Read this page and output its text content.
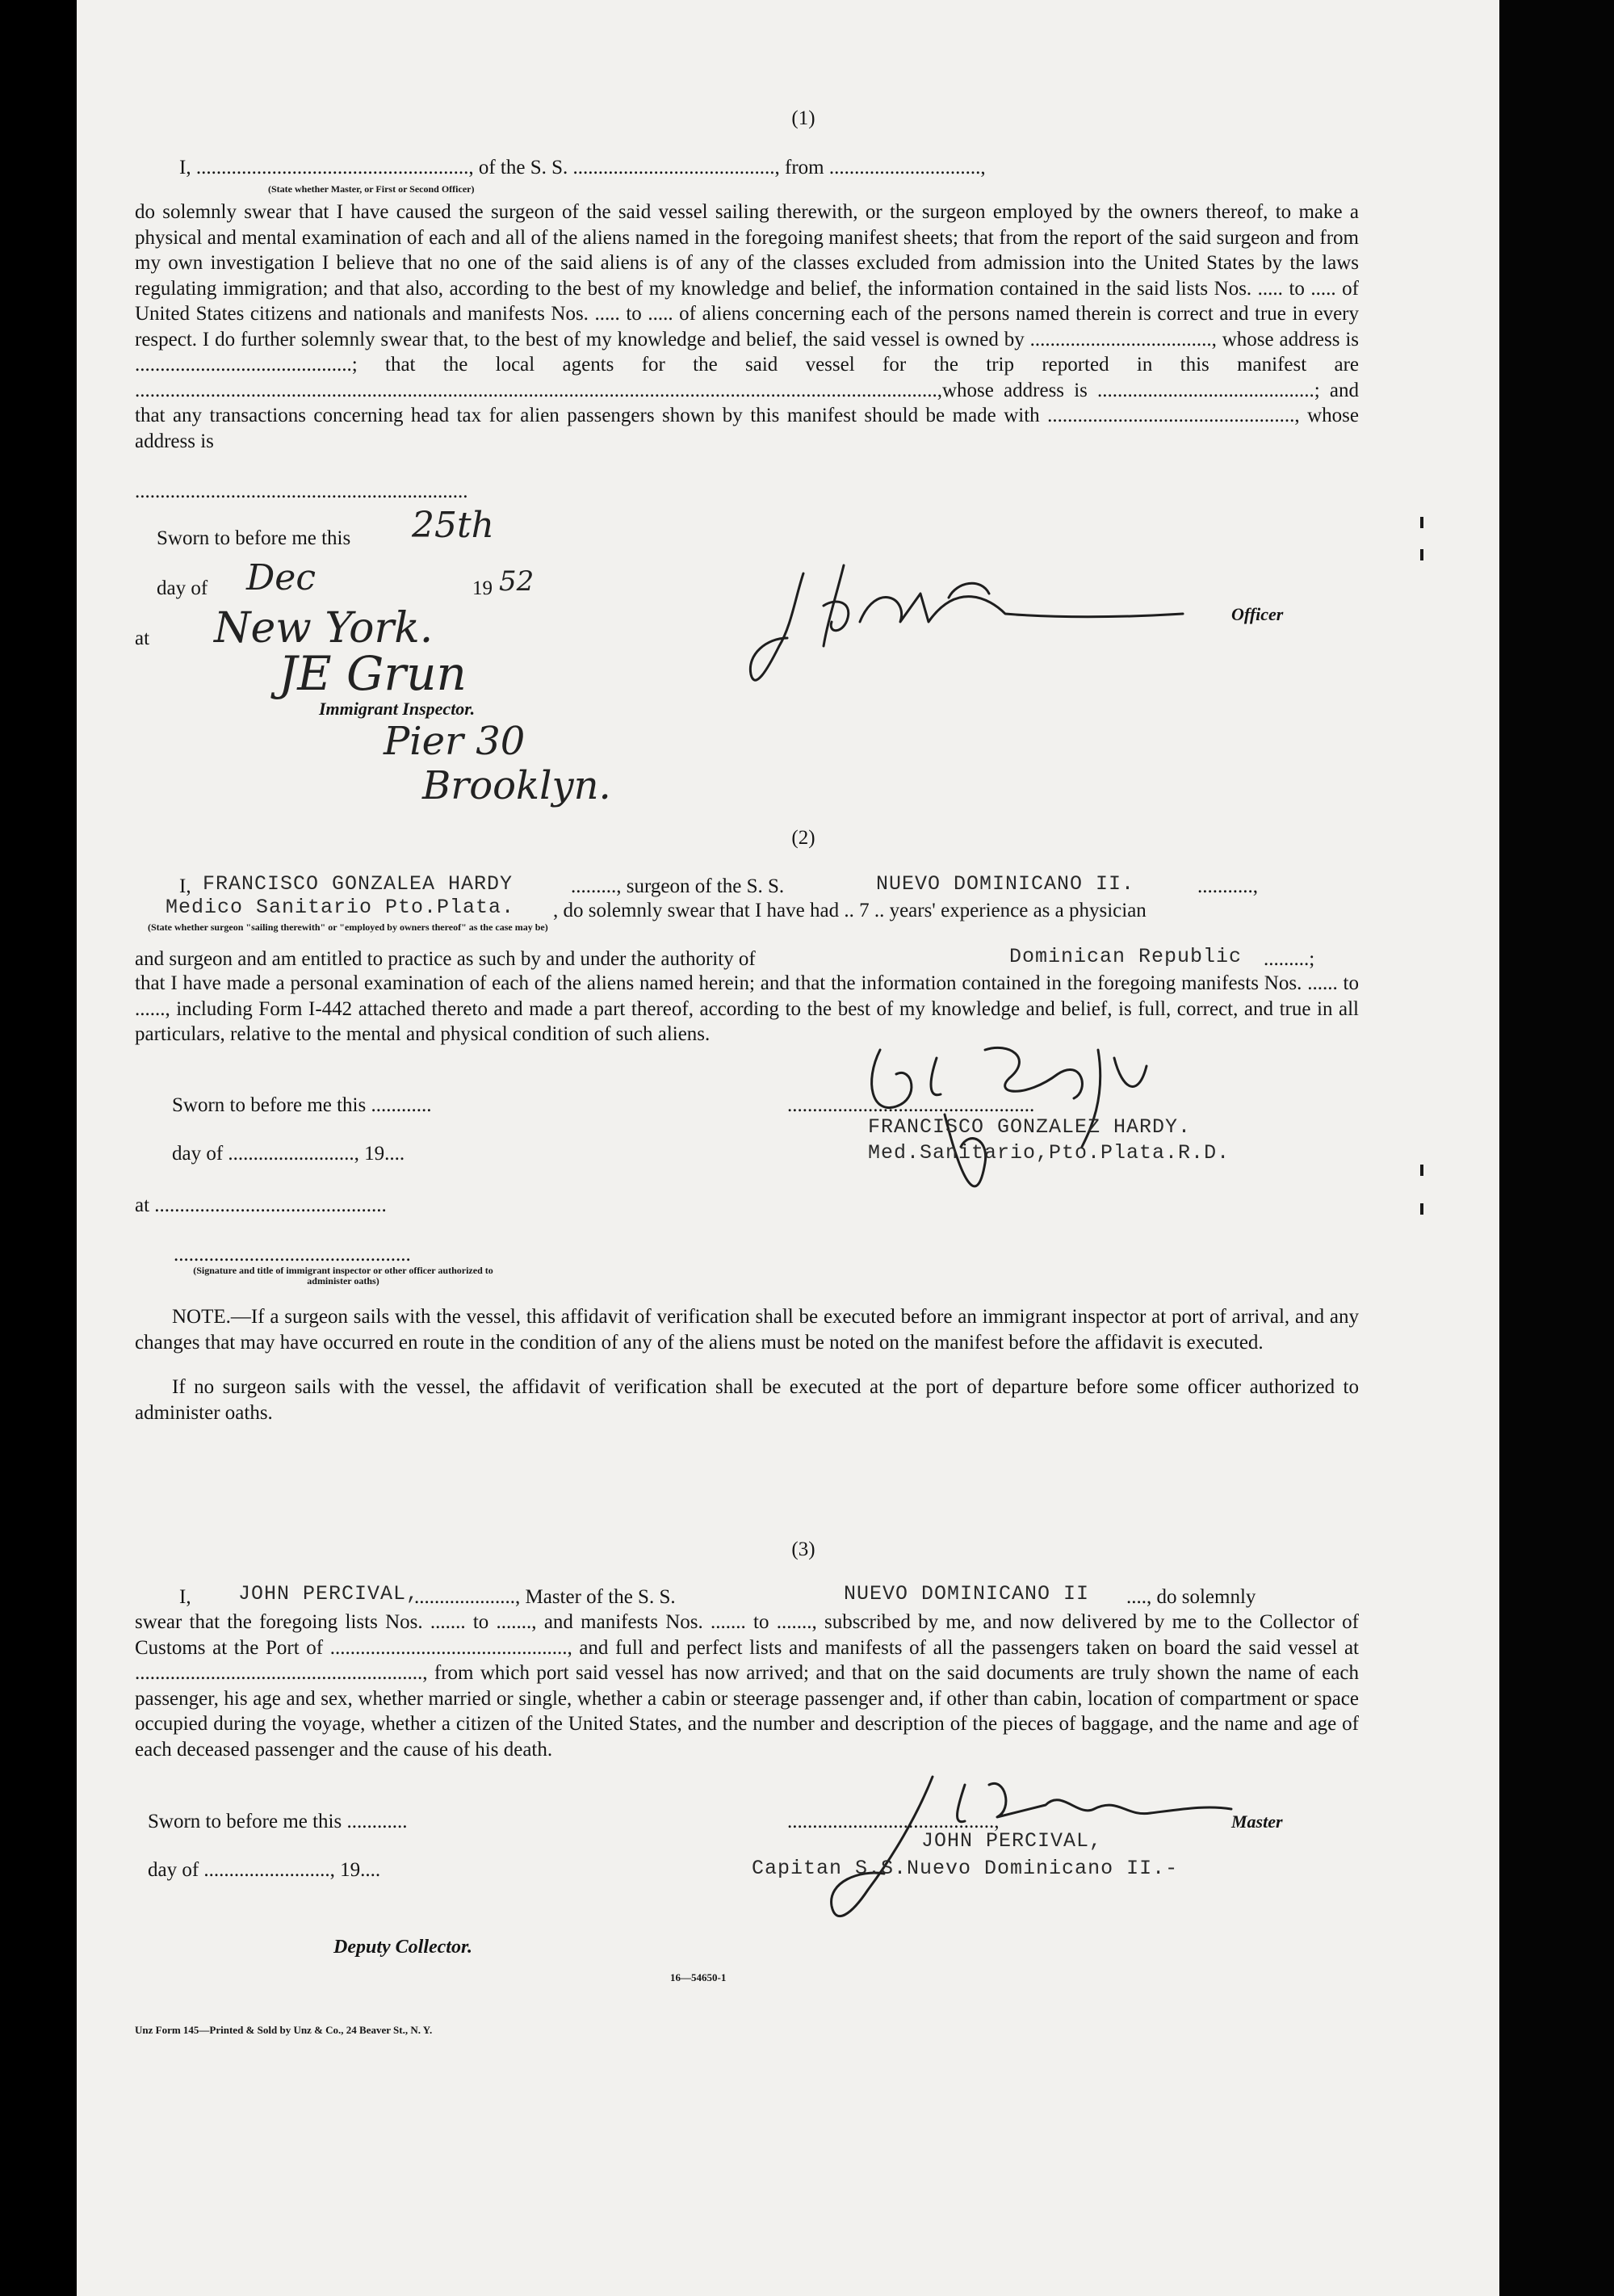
(1)
I, ......................................................, of the S. S. ........................................, from ..............................,
(State whether Master, or First or Second Officer)
do solemnly swear that I have caused the surgeon of the said vessel sailing therewith, or the surgeon employed by the owners thereof, to make a physical and mental examination of each and all of the aliens named in the foregoing manifest sheets; that from the report of the said surgeon and from my own investigation I believe that no one of the said aliens is of any of the classes excluded from admission into the United States by the laws regulating immigration; and that also, according to the best of my knowledge and belief, the information contained in the said lists Nos. ..... to ..... of United States citizens and nationals and manifests Nos. ..... to ..... of aliens concerning each of the persons named therein is correct and true in every respect. I do further solemnly swear that, to the best of my knowledge and belief, the said vessel is owned by ...................................., whose address is ...........................................; that the local agents for the said vessel for the trip reported in this manifest are ...............................................................................................................................................................,whose address is ...........................................; and that any transactions concerning head tax for alien passengers shown by this manifest should be made with ................................................., whose address is
..................................................................
Sworn to before me this 25th
day of Dec	19 52
at New York.
JE Grun
Immigrant Inspector.
Pier 30
Brooklyn.
Officer
(2)
I, FRANCISCO GONZALEA HARDY	........., surgeon of the S. S.	NUEVO DOMINICANO II.	...........,
Medico Sanitario Pto.Plata. , do solemnly swear that I have had .. 7 .. years' experience as a physician
(State whether surgeon "sailing therewith" or "employed by owners thereof" as the case may be)
and surgeon and am entitled to practice as such by and under the authority of	Dominican Republic .........;
that I have made a personal examination of each of the aliens named herein; and that the information contained in the foregoing manifests Nos. ...... to ......, including Form I-442 attached thereto and made a part thereof, according to the best of my knowledge and belief, is full, correct, and true in all particulars, relative to the mental and physical condition of such aliens.
Sworn to before me this ............
day of ........................., 19....
at ..............................................
...............................................
(Signature and title of immigrant inspector or other officer authorized to administer oaths)
.................................................
FRANCISCO GONZALEZ HARDY.
Med.Sanitario,Pto.Plata.R.D.
NOTE.—If a surgeon sails with the vessel, this affidavit of verification shall be executed before an immigrant inspector at port of arrival, and any changes that may have occurred en route in the condition of any of the aliens must be noted on the manifest before the affidavit is executed.
If no surgeon sails with the vessel, the affidavit of verification shall be executed at the port of departure before some officer authorized to administer oaths.
(3)
I, JOHN PERCIVAL,
...................., Master of the S. S.	NUEVO DOMINICANO II ...., do solemnly
swear that the foregoing lists Nos. ....... to ......., and manifests Nos. ....... to ......., subscribed by me, and now delivered by me to the Collector of Customs at the Port of ..............................................., and full and perfect lists and manifests of all the passengers taken on board the said vessel at ........................................................., from which port said vessel has now arrived; and that on the said documents are truly shown the name of each passenger, his age and sex, whether married or single, whether a cabin or steerage passenger and, if other than cabin, location of compartment or space occupied during the voyage, whether a citizen of the United States, and the number and description of the pieces of baggage, and the name and age of each deceased passenger and the cause of his death.
Sworn to before me this ............
day of ........................., 19....
Deputy Collector.
.........................................,	Master
JOHN PERCIVAL,
Capitan S.S.Nuevo Dominicano II.-
16—54650-1
Unz Form 145—Printed & Sold by Unz & Co., 24 Beaver St., N. Y.
